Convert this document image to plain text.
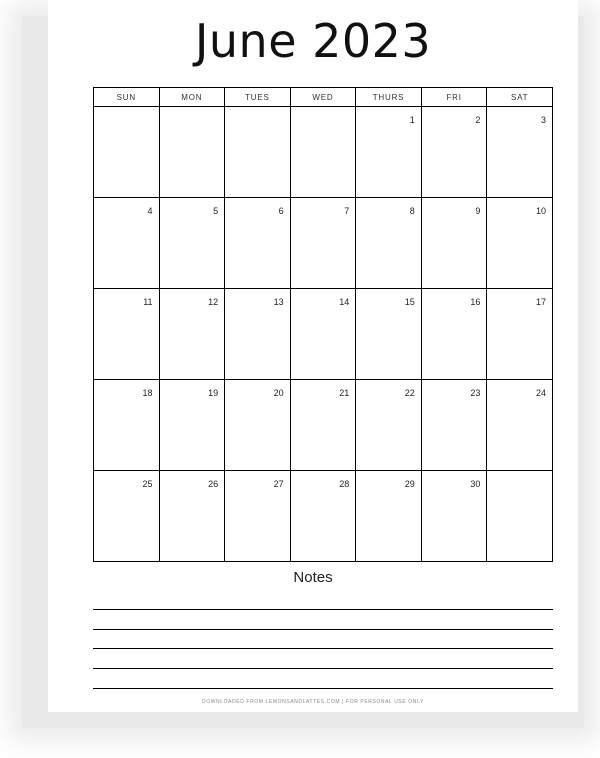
June 2023
SUN	MON	TUES	WED	THURS	FRI	SAT

				1	2	3

4	5	6	7	8	9	10

11	12	13	14	15	16	17

18	19	20	21	22	23	24

25	26	27	28	29	30	

Notes
DOWNLOADED FROM LEMONSANDLATTES.COM | FOR PERSONAL USE ONLY
